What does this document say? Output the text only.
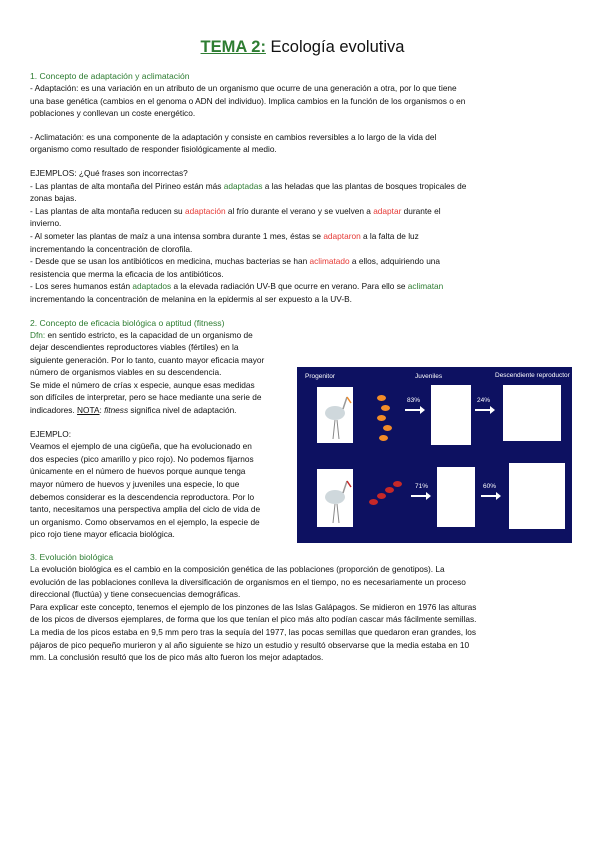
TEMA 2: Ecología evolutiva
1. Concepto de adaptación y aclimatación

- Adaptación: es una variación en un atributo de un organismo que ocurre de una generación a otra, por lo que tiene

una base genética (cambios en el genoma o ADN del individuo). Implica cambios en la función de los organismos o en

poblaciones y conllevan un coste energético.

- Aclimatación: es una componente de la adaptación y consiste en cambios reversibles a lo largo de la vida del

organismo como resultado de responder fisiológicamente al medio.

EJEMPLOS: ¿Qué frases son incorrectas?

- Las plantas de alta montaña del Pirineo están más adaptadas a las heladas que las plantas de bosques tropicales de

zonas bajas.

- Las plantas de alta montaña reducen su adaptación al frío durante el verano y se vuelven a adaptar durante el

invierno.

- Al someter las plantas de maíz a una intensa sombra durante 1 mes, éstas se adaptaron a la falta de luz

incrementando la concentración de clorofila.

- Desde que se usan los antibióticos en medicina, muchas bacterias se han aclimatado a ellos, adquiriendo una

resistencia que merma la eficacia de los antibióticos.

- Los seres humanos están adaptados a la elevada radiación UV-B que ocurre en verano. Para ello se aclimatan

incrementando la concentración de melanina en la epidermis al ser expuesto a la UV-B.

2. Concepto de eficacia biológica o aptitud (fitness)

Dfn: en sentido estricto, es la capacidad de un organismo de

dejar descendientes reproductores viables (fértiles) en la

siguiente generación. Por lo tanto, cuanto mayor eficacia mayor

número de organismos viables en su descendencia.

Se mide el número de crías x especie, aunque esas medidas

son difíciles de interpretar, pero se hace mediante una serie de

indicadores. NOTA: fitness significa nivel de adaptación.

EJEMPLO:

Veamos el ejemplo de una cigüeña, que ha evolucionado en

dos especies (pico amarillo y pico rojo). No podemos fijarnos

únicamente en el número de huevos porque aunque tenga

mayor número de huevos y juveniles una especie, lo que

debemos considerar es la descendencia reproductora. Por lo

tanto, necesitamos una perspectiva amplia del ciclo de vida de

un organismo. Como observamos en el ejemplo, la especie de

pico rojo tiene mayor eficacia biológica.

3. Evolución biológica

La evolución biológica es el cambio en la composición genética de las poblaciones (proporción de genotipos). La

evolución de las poblaciones conlleva la diversificación de organismos en el tiempo, no es necesariamente un proceso

direccional (fluctúa) y tiene consecuencias demográficas.

Para explicar este concepto, tenemos el ejemplo de los pinzones de las Islas Galápagos. Se midieron en 1976 las alturas

de los picos de diversos ejemplares, de forma que los que tenían el pico más alto podían cascar más fácilmente semillas.

La media de los picos estaba en 9,5 mm pero tras la sequía del 1977, las pocas semillas que quedaron eran grandes, los

pájaros de pico pequeño murieron y al año siguiente se hizo un estudio y resultó observarse que la media estaba en 10

mm. La conclusión resultó que los de pico más alto fueron los mejor adaptados.

Progenitor	Juveniles	Descendiente reproductor
83%	24%
71%	60%
